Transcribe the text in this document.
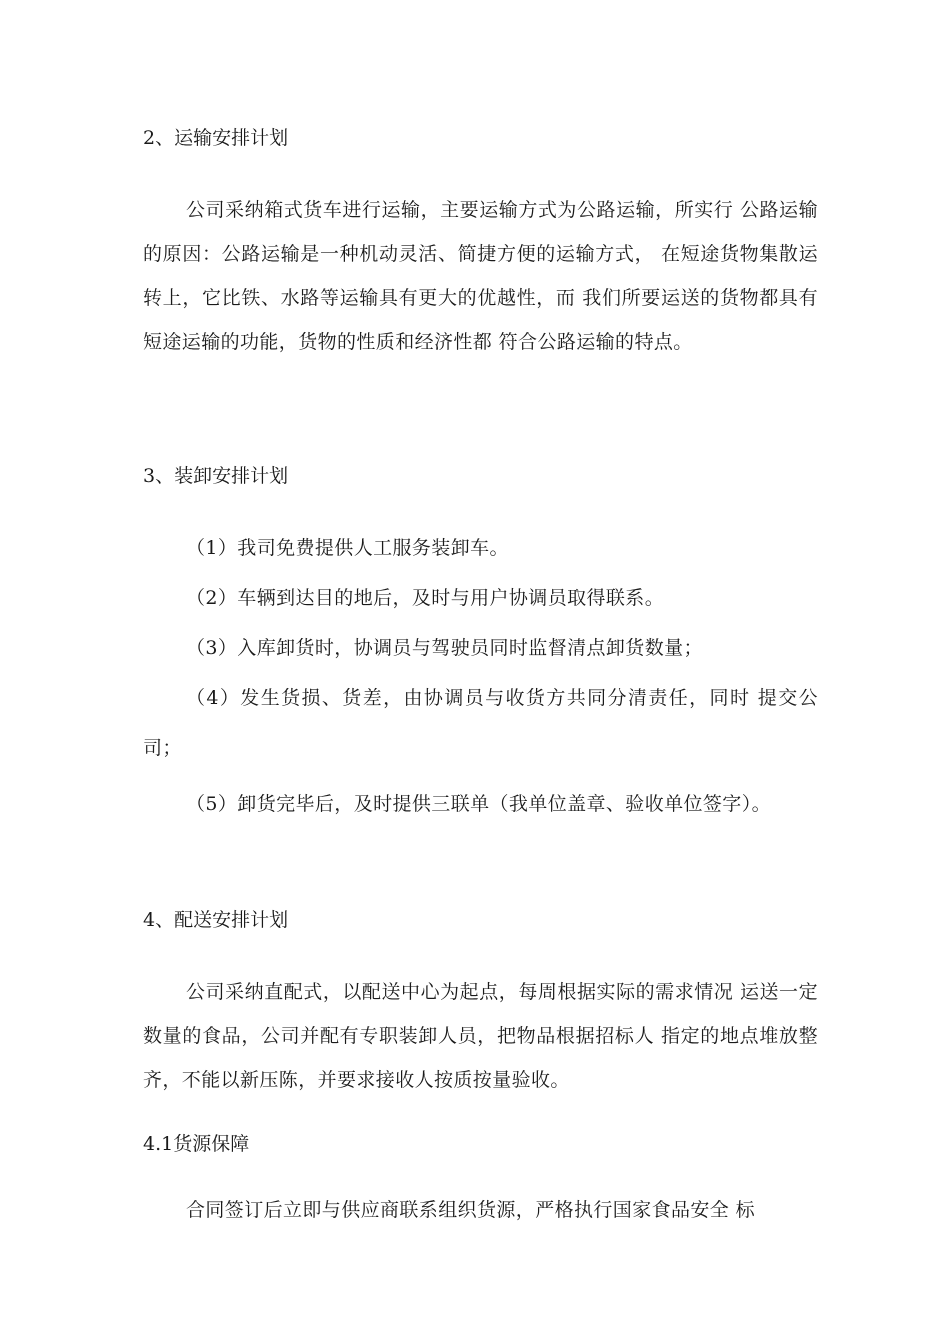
2、运输安排计划
公司采纳箱式货车进行运输，主要运输方式为公路运输，所实行 公路运输的原因：公路运输是一种机动灵活、简捷方便的运输方式， 在短途货物集散运转上，它比铁、水路等运输具有更大的优越性，而 我们所要运送的货物都具有短途运输的功能，货物的性质和经济性都 符合公路运输的特点。
3、装卸安排计划
（1）我司免费提供人工服务装卸车。
（2）车辆到达目的地后，及时与用户协调员取得联系。
（3）入库卸货时，协调员与驾驶员同时监督清点卸货数量；
（4）发生货损、货差，由协调员与收货方共同分清责任，同时 提交公司；
（5）卸货完毕后，及时提供三联单（我单位盖章、验收单位签字）。
4、配送安排计划
公司采纳直配式，以配送中心为起点，每周根据实际的需求情况 运送一定数量的食品，公司并配有专职装卸人员，把物品根据招标人 指定的地点堆放整齐，不能以新压陈，并要求接收人按质按量验收。
4.1货源保障
合同签订后立即与供应商联系组织货源，严格执行国家食品安全 标
